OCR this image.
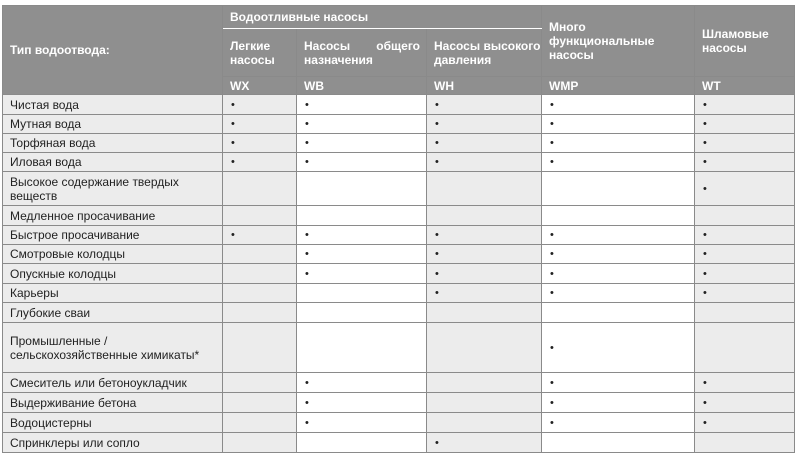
Тип водоотвода:	Водоотливные насосы			Много функциональные насосы	Шламовые насосы
	Легкие насосы	Насосы общего назначения	Насосы высокого давления		
	WX	WB	WH	WMP	WT
Чистая вода	•	•	•	•	•
Мутная вода	•	•	•	•	•
Торфяная вода	•	•	•	•	•
Иловая вода	•	•	•	•	•
Высокое содержание твердых веществ					•
Медленное просачивание					
Быстрое просачивание	•	•	•	•	•
Смотровые колодцы		•	•	•	•
Опускные колодцы		•	•	•	•
Карьеры			•	•	•
Глубокие сваи					
Промышленные / сельскохозяйственные химикаты*				•	
Смеситель или бетоноукладчик		•		•	•
Выдерживание бетона		•		•	•
Водоцистерны		•		•	•
Спринклеры или сопло			•		
